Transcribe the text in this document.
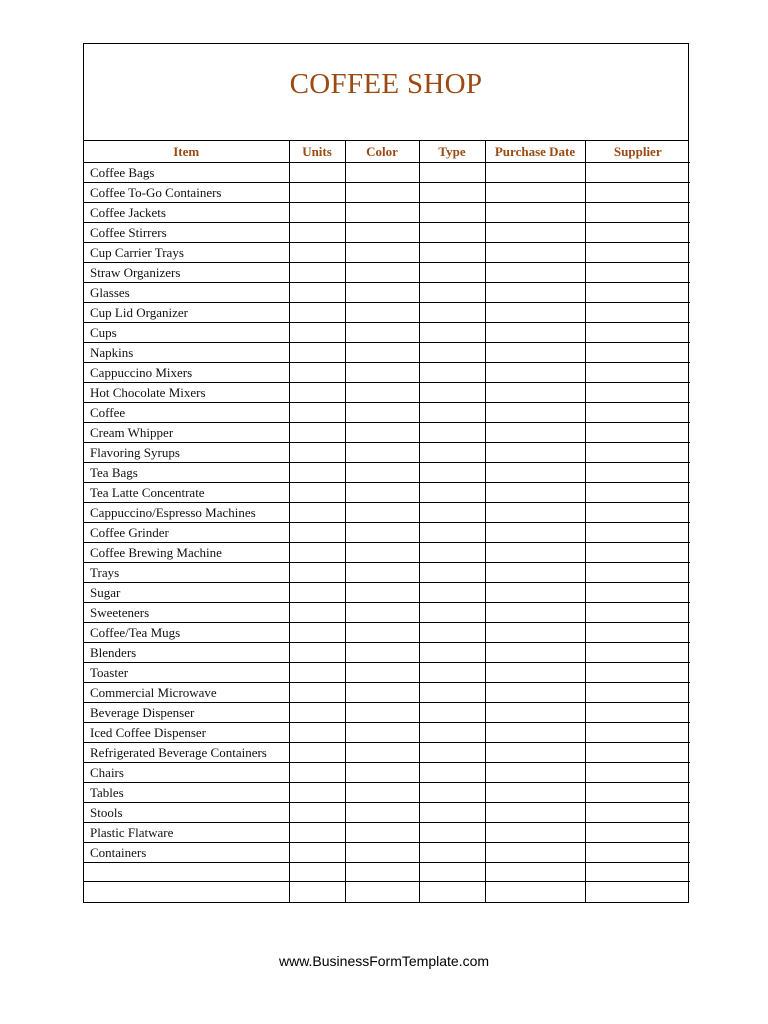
COFFEE SHOP
Item	Units	Color	Type	Purchase Date	Supplier
Coffee Bags					
Coffee To-Go Containers					
Coffee Jackets					
Coffee Stirrers					
Cup Carrier Trays					
Straw Organizers					
Glasses					
Cup Lid Organizer					
Cups					
Napkins					
Cappuccino Mixers					
Hot Chocolate Mixers					
Coffee					
Cream Whipper					
Flavoring Syrups					
Tea Bags					
Tea Latte Concentrate					
Cappuccino/Espresso Machines					
Coffee Grinder					
Coffee Brewing Machine					
Trays					
Sugar					
Sweeteners					
Coffee/Tea Mugs					
Blenders					
Toaster					
Commercial Microwave					
Beverage Dispenser					
Iced Coffee Dispenser					
Refrigerated Beverage Containers					
Chairs					
Tables					
Stools					
Plastic Flatware					
Containers					

www.BusinessFormTemplate.com
